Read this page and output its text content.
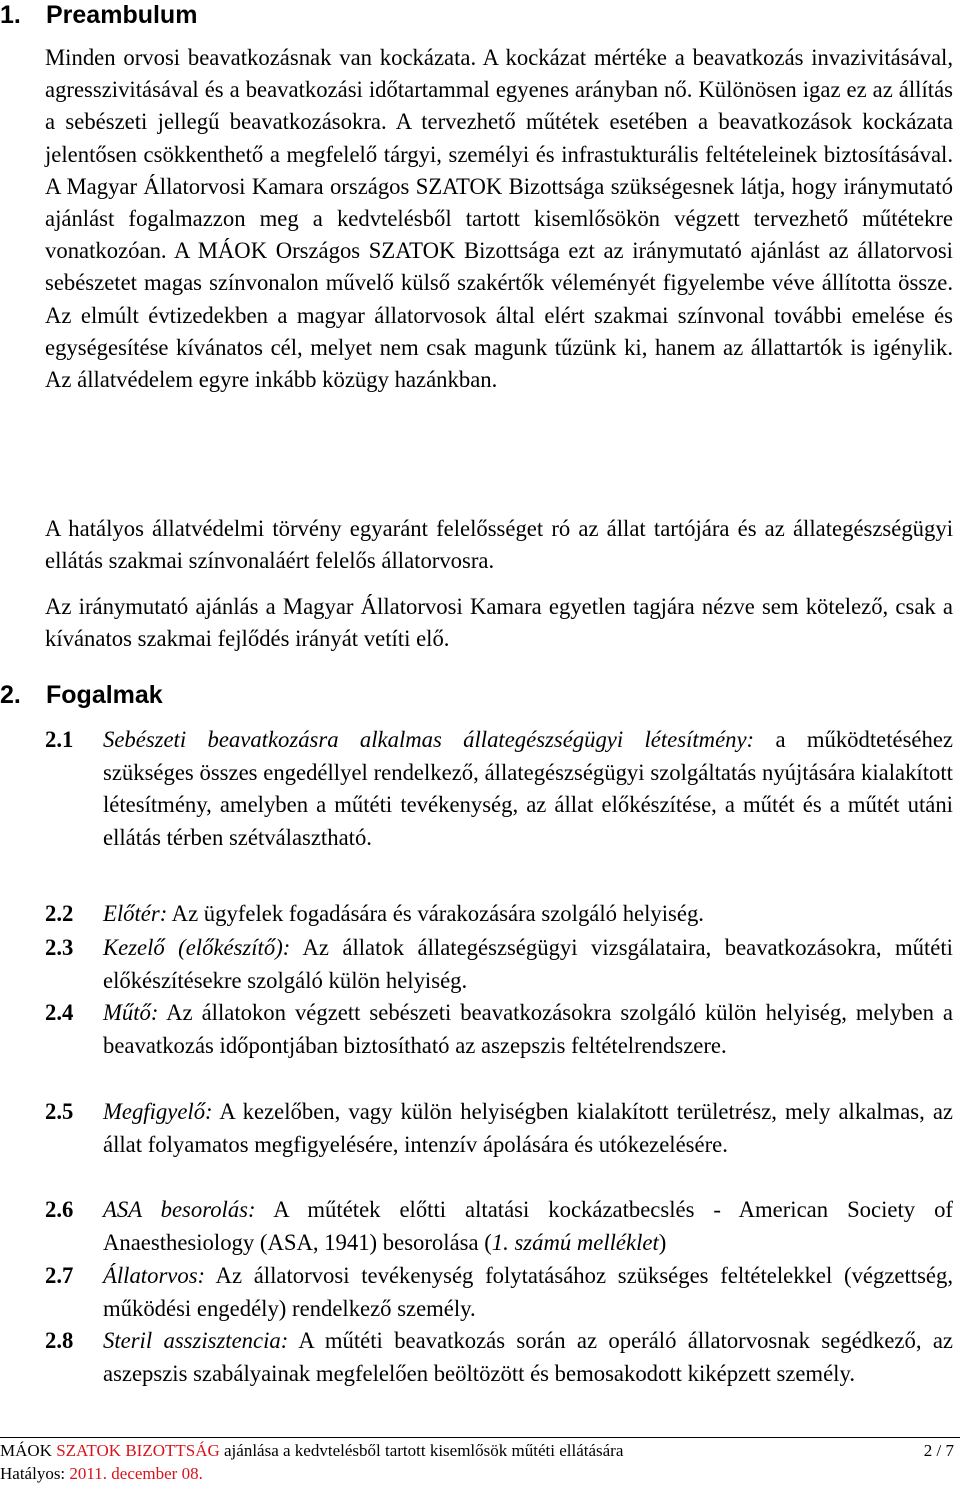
1. Preambulum

Minden orvosi beavatkozásnak van kockázata. A kockázat mértéke a beavatkozás invazivitásával, agresszivitásával és a beavatkozási időtartammal egyenes arányban nő. Különösen igaz ez az állítás a sebészeti jellegű beavatkozásokra. A tervezhető műtétek esetében a beavatkozások kockázata jelentősen csökkenthető a megfelelő tárgyi, személyi és infrastukturális feltételeinek biztosításával. A Magyar Állatorvosi Kamara országos SZATOK Bizottsága szükségesnek látja, hogy iránymutató ajánlást fogalmazzon meg a kedvtelésből tartott kisemlősökön végzett tervezhető műtétekre vonatkozóan. A MÁOK Országos SZATOK Bizottsága ezt az iránymutató ajánlást az állatorvosi sebészetet magas színvonalon művelő külső szakértők véleményét figyelembe véve állította össze. Az elmúlt évtizedekben a magyar állatorvosok által elért szakmai színvonal további emelése és egységesítése kívánatos cél, melyet nem csak magunk tűzünk ki, hanem az állattartók is igénylik. Az állatvédelem egyre inkább közügy hazánkban.

A hatályos állatvédelmi törvény egyaránt felelősséget ró az állat tartójára és az állategészségügyi ellátás szakmai színvonaláért felelős állatorvosra.

Az iránymutató ajánlás a Magyar Állatorvosi Kamara egyetlen tagjára nézve sem kötelező, csak a kívánatos szakmai fejlődés irányát vetíti elő.

2. Fogalmak
2.1	Sebészeti beavatkozásra alkalmas állategészségügyi létesítmény: a működtetéséhez szükséges összes engedéllyel rendelkező, állategészségügyi szolgáltatás nyújtására kialakított létesítmény, amelyben a műtéti tevékenység, az állat előkészítése, a műtét és a műtét utáni ellátás térben szétválasztható.
2.2	Előtér: Az ügyfelek fogadására és várakozására szolgáló helyiség.
2.3	Kezelő (előkészítő): Az állatok állategészségügyi vizsgálataira, beavatkozásokra, műtéti előkészítésekre szolgáló külön helyiség.
2.4	Műtő: Az állatokon végzett sebészeti beavatkozásokra szolgáló külön helyiség, melyben a beavatkozás időpontjában biztosítható az aszepszis feltételrendszere.
2.5	Megfigyelő: A kezelőben, vagy külön helyiségben kialakított területrész, mely alkalmas, az állat folyamatos megfigyelésére, intenzív ápolására és utókezelésére.
2.6	ASA besorolás: A műtétek előtti altatási kockázatbecslés - American Society of Anaesthesiology (ASA, 1941) besorolása (1. számú melléklet)
2.7	Állatorvos: Az állatorvosi tevékenység folytatásához szükséges feltételekkel (végzettség, működési engedély) rendelkező személy.
2.8	Steril asszisztencia: A műtéti beavatkozás során az operáló állatorvosnak segédkező, az aszepszis szabályainak megfelelően beöltözött és bemosakodott kiképzett személy.
MÁOK SZATOK BIZOTTSÁG ajánlása a kedvtelésből tartott kisemlősök műtéti ellátására	2 / 7
Hatályos: 2011. december 08.
